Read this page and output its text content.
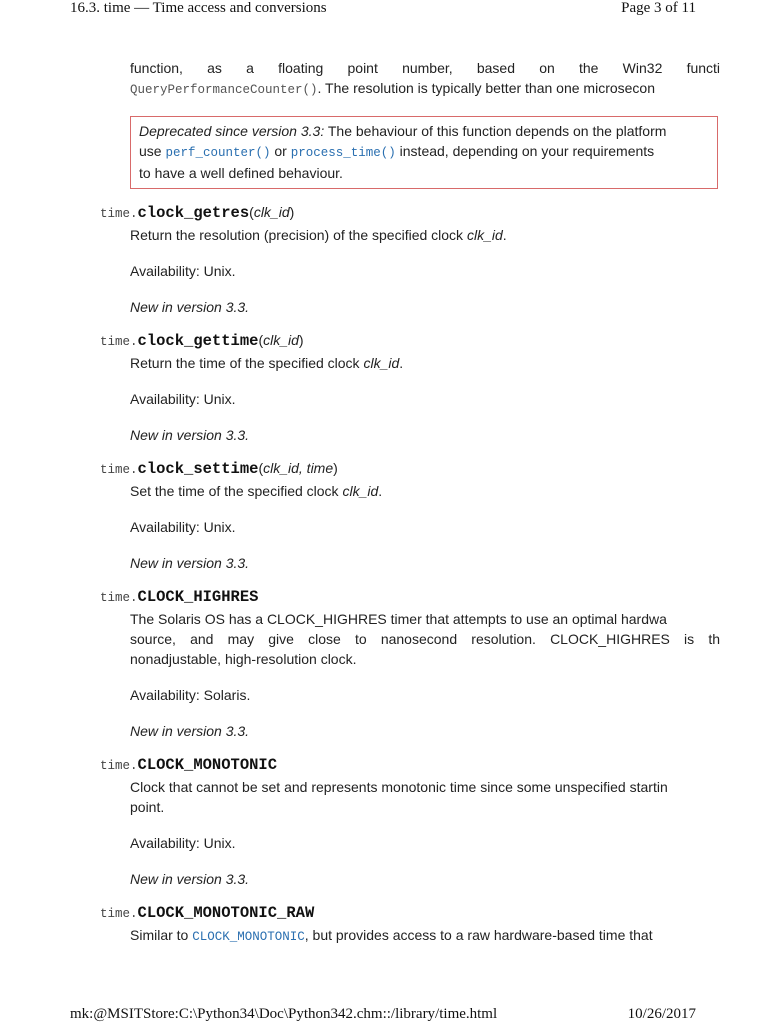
16.3. time — Time access and conversions	Page 3 of 11

function, as a floating point number, based on the Win32 functi

QueryPerformanceCounter(). The resolution is typically better than one microsecon

Deprecated since version 3.3: The behaviour of this function depends on the platform

use perf_counter() or process_time() instead, depending on your requirements

to have a well defined behaviour.

time.clock_getres(clk_id)

Return the resolution (precision) of the specified clock clk_id.

Availability: Unix.

New in version 3.3.

time.clock_gettime(clk_id)

Return the time of the specified clock clk_id.

Availability: Unix.

New in version 3.3.

time.clock_settime(clk_id, time)

Set the time of the specified clock clk_id.

Availability: Unix.

New in version 3.3.

time.CLOCK_HIGHRES

The Solaris OS has a CLOCK_HIGHRES timer that attempts to use an optimal hardwa

source, and may give close to nanosecond resolution. CLOCK_HIGHRES is th

nonadjustable, high-resolution clock.

Availability: Solaris.

New in version 3.3.

time.CLOCK_MONOTONIC

Clock that cannot be set and represents monotonic time since some unspecified startin

point.

Availability: Unix.

New in version 3.3.

time.CLOCK_MONOTONIC_RAW

Similar to CLOCK_MONOTONIC, but provides access to a raw hardware-based time that

mk:@MSITStore:C:\Python34\Doc\Python342.chm::/library/time.html	10/26/2017
